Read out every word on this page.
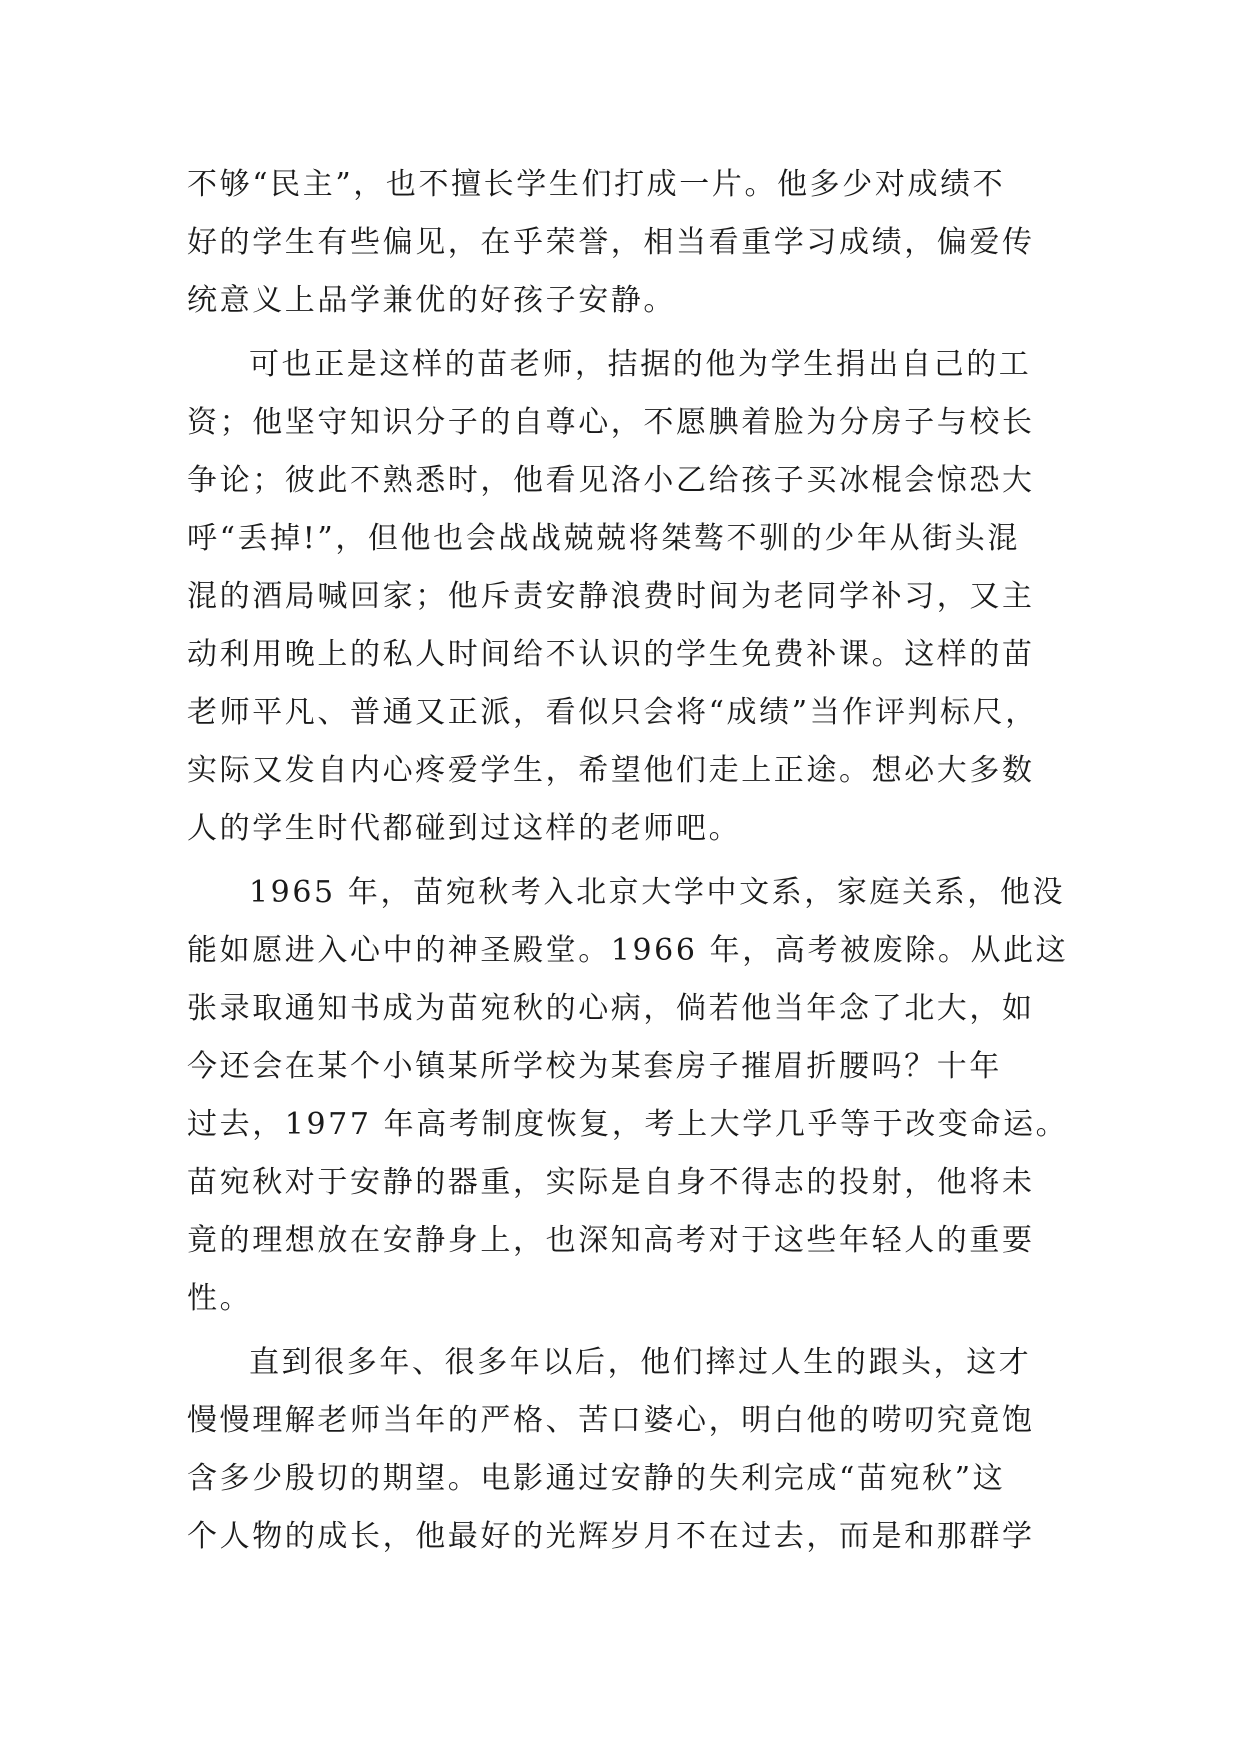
不够“民主”，也不擅长学生们打成一片。他多少对成绩不
好的学生有些偏见，在乎荣誉，相当看重学习成绩，偏爱传
统意义上品学兼优的好孩子安静。
可也正是这样的苗老师，拮据的他为学生捐出自己的工
资；他坚守知识分子的自尊心，不愿腆着脸为分房子与校长
争论；彼此不熟悉时，他看见洛小乙给孩子买冰棍会惊恐大
呼“丢掉!”，但他也会战战兢兢将桀骜不驯的少年从街头混
混的酒局喊回家；他斥责安静浪费时间为老同学补习，又主
动利用晚上的私人时间给不认识的学生免费补课。这样的苗
老师平凡、普通又正派，看似只会将“成绩”当作评判标尺，
实际又发自内心疼爱学生，希望他们走上正途。想必大多数
人的学生时代都碰到过这样的老师吧。
1965 年，苗宛秋考入北京大学中文系，家庭关系，他没
能如愿进入心中的神圣殿堂。1966 年，高考被废除。从此这
张录取通知书成为苗宛秋的心病，倘若他当年念了北大，如
今还会在某个小镇某所学校为某套房子摧眉折腰吗？十年
过去，1977 年高考制度恢复，考上大学几乎等于改变命运。
苗宛秋对于安静的器重，实际是自身不得志的投射，他将未
竟的理想放在安静身上，也深知高考对于这些年轻人的重要
性。
直到很多年、很多年以后，他们摔过人生的跟头，这才
慢慢理解老师当年的严格、苦口婆心，明白他的唠叨究竟饱
含多少殷切的期望。电影通过安静的失利完成“苗宛秋”这
个人物的成长，他最好的光辉岁月不在过去，而是和那群学
